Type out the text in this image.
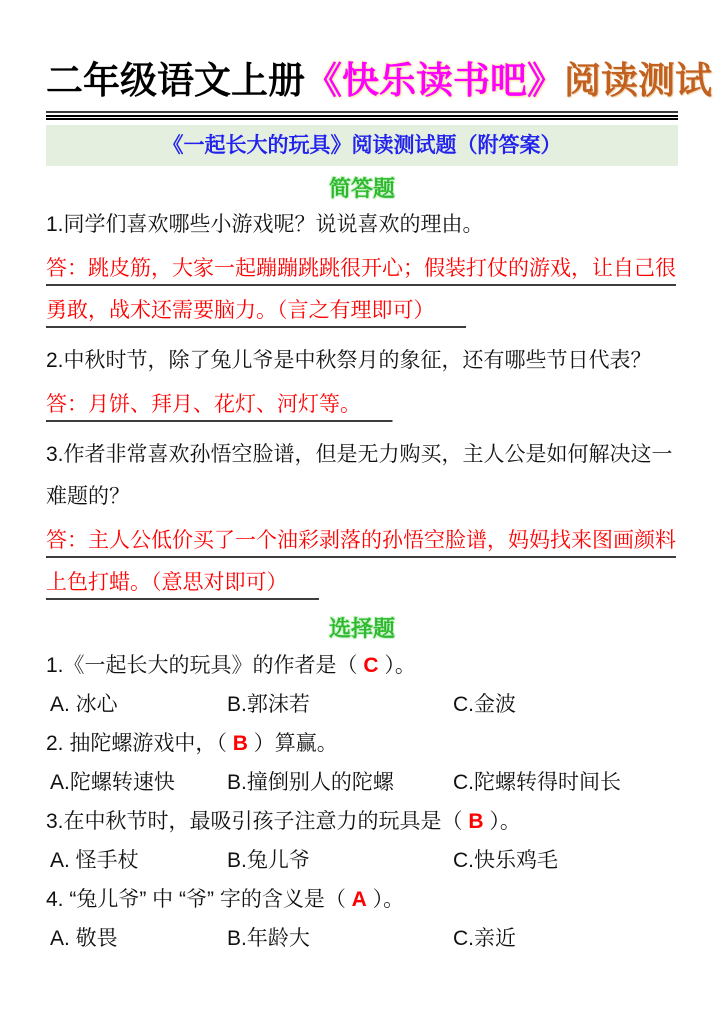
二年级语文上册《快乐读书吧》阅读测试
《一起长大的玩具》阅读测试题（附答案）
简答题

1.同学们喜欢哪些小游戏呢？说说喜欢的理由。

答：跳皮筋，大家一起蹦蹦跳跳很开心；假装打仗的游戏，让自己很勇敢，战术还需要脑力。（言之有理即可）

2.中秋时节，除了兔儿爷是中秋祭月的象征，还有哪些节日代表？

答：月饼、拜月、花灯、河灯等。

3.作者非常喜欢孙悟空脸谱，但是无力购买，主人公是如何解决这一难题的？

答：主人公低价买了一个油彩剥落的孙悟空脸谱，妈妈找来图画颜料上色打蜡。（意思对即可）

选择题

1.《一起长大的玩具》的作者是（ C ）。

A. 冰心	B.郭沫若	C.金波

2. 抽陀螺游戏中，（ B ）算赢。

A.陀螺转速快	B.撞倒别人的陀螺	C.陀螺转得时间长

3.在中秋节时，最吸引孩子注意力的玩具是（ B ）。

A. 怪手杖	B.兔儿爷	C.快乐鸡毛

4. “兔儿爷” 中 “爷” 字的含义是（ A ）。

A. 敬畏	B.年龄大	C.亲近
